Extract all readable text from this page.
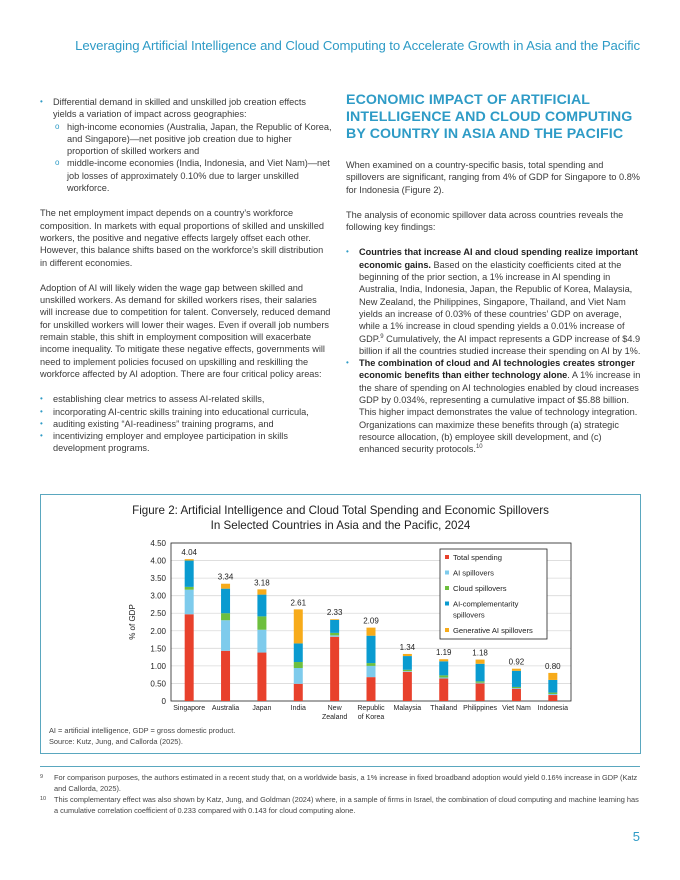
Leveraging Artificial Intelligence and Cloud Computing to Accelerate Growth in Asia and the Pacific
• Differential demand in skilled and unskilled job creation effects yields a variation of impact across geographies:
o high-income economies (Australia, Japan, the Republic of Korea, and Singapore)—net positive job creation due to higher proportion of skilled workers and
o middle-income economies (India, Indonesia, and Viet Nam)—net job losses of approximately 0.10% due to larger unskilled workforce.

The net employment impact depends on a country’s workforce composition. In markets with equal proportions of skilled and unskilled workers, the positive and negative effects largely offset each other. However, this balance shifts based on the workforce’s skill distribution in different economies.

Adoption of AI will likely widen the wage gap between skilled and unskilled workers. As demand for skilled workers rises, their salaries will increase due to competition for talent. Conversely, reduced demand for unskilled workers will lower their wages. Even if overall job numbers remain stable, this shift in employment composition will exacerbate income inequality. To mitigate these negative effects, governments will need to implement policies focused on upskilling and reskilling the workforce affected by AI adoption. There are four critical policy areas:

• establishing clear metrics to assess AI-related skills,
• incorporating AI-centric skills training into educational curricula,
• auditing existing “AI-readiness” training programs, and
• incentivizing employer and employee participation in skills development programs.
ECONOMIC IMPACT OF ARTIFICIAL INTELLIGENCE AND CLOUD COMPUTING BY COUNTRY IN ASIA AND THE PACIFIC

When examined on a country-specific basis, total spending and spillovers are significant, ranging from 4% of GDP for Singapore to 0.8% for Indonesia (Figure 2).

The analysis of economic spillover data across countries reveals the following key findings:

• Countries that increase AI and cloud spending realize important economic gains. Based on the elasticity coefficients cited at the beginning of the prior section, a 1% increase in AI spending in Australia, India, Indonesia, Japan, the Republic of Korea, Malaysia, New Zealand, the Philippines, Singapore, Thailand, and Viet Nam yields an increase of 0.03% of these countries’ GDP on average, while a 1% increase in cloud spending yields a 0.01% increase of GDP.$^9$ Cumulatively, the AI impact represents a GDP increase of $4.9 billion if all the countries studied increase their spending on AI by 1%.
• The combination of cloud and AI technologies creates stronger economic benefits than either technology alone. A 1% increase in the share of spending on AI technologies enabled by cloud increases GDP by 0.034%, representing a cumulative impact of $5.88 billion. This higher impact demonstrates the value of technology integration. Organizations can maximize these benefits through (a) strategic resource allocation, (b) employee skill development, and (c) enhanced security protocols.$^{10}$
Figure 2: Artificial Intelligence and Cloud Total Spending and Economic Spillovers
In Selected Countries in Asia and the Pacific, 2024
0
0.50
1.00
1.50
2.00
2.50
3.00
3.50
4.00
4.50
% of GDP
4.04
Singapore
3.34
Australia
3.18
Japan
2.61
India
2.33
New
Zealand
2.09
Republic
of Korea
1.34
Malaysia
1.19
Thailand
1.18
Philippines
0.92
Viet Nam
0.80
Indonesia
Total spending
AI spillovers
Cloud spillovers
AI-complementarity
spillovers
Generative AI spillovers
AI = artificial intelligence, GDP = gross domestic product.
Source: Kutz, Jung, and Callorda (2025).
9 For comparison purposes, the authors estimated in a recent study that, on a worldwide basis, a 1% increase in fixed broadband adoption would yield 0.16% increase in GDP (Katz and Callorda, 2025).
10 This complementary effect was also shown by Katz, Jung, and Goldman (2024) where, in a sample of firms in Israel, the combination of cloud computing and machine learning has a cumulative correlation coefficient of 0.233 compared with 0.143 for cloud computing alone.
5
